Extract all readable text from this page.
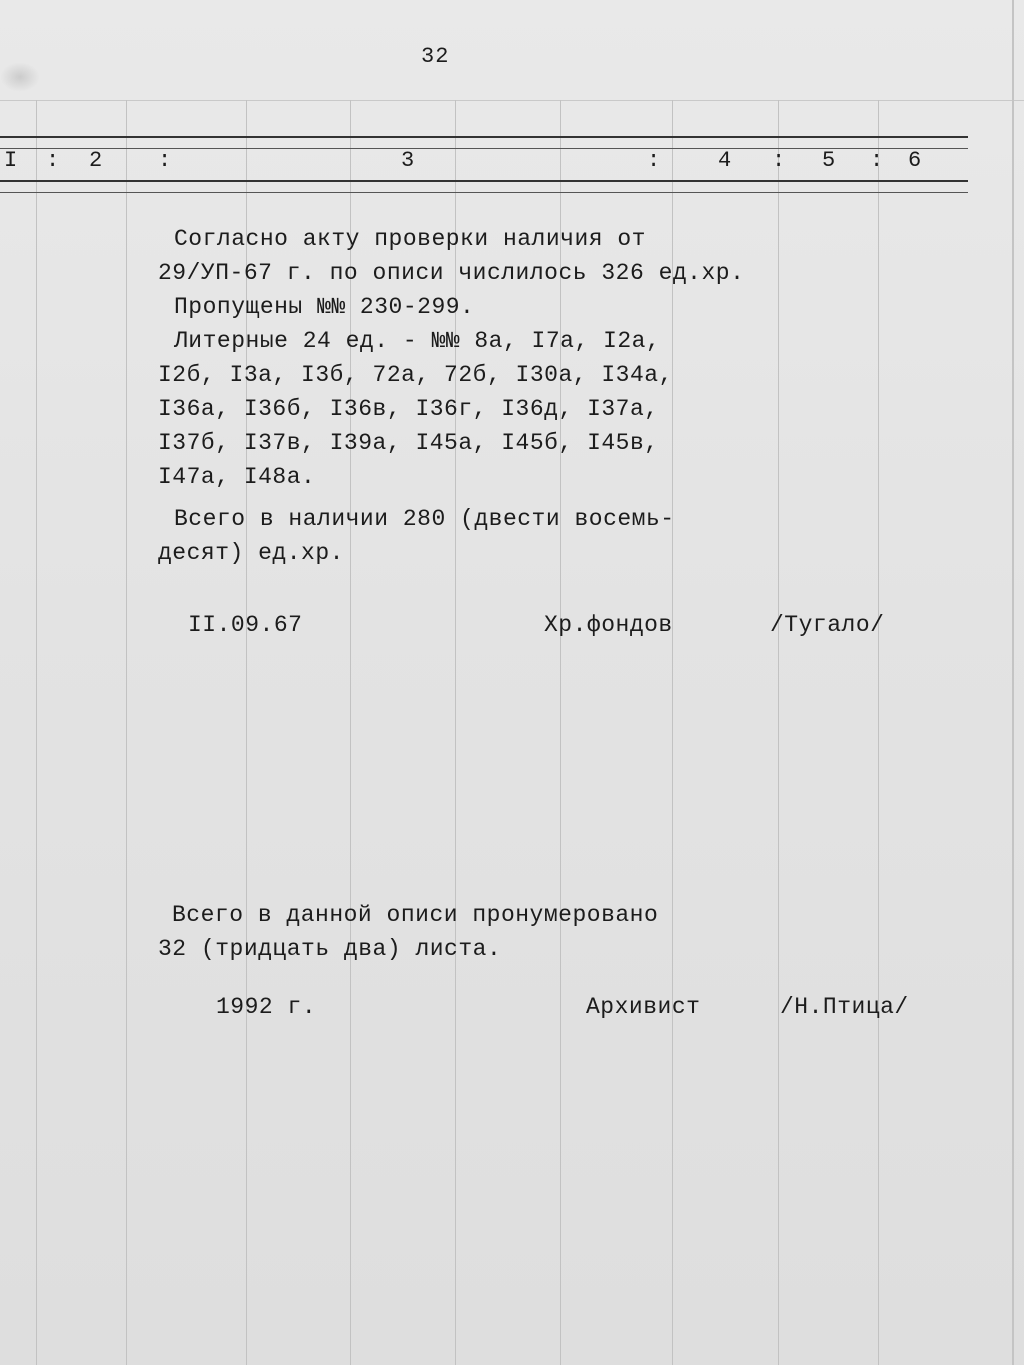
32
I : 2	:	3	:	4 : 5 : 6
Согласно акту проверки наличия от
29/УП-67 г. по описи числилось 326 ед.хр.
Пропущены №№ 230-299.
Литерные 24 ед. - №№ 8а, I7а, I2а,
I2б, I3а, I3б, 72а, 72б, I30а, I34а,
I36а, I36б, I36в, I36г, I36д, I37а,
I37б, I37в, I39а, I45а, I45б, I45в,
I47а, I48а.
Всего в наличии 280 (двести восемь-
десят) ед.хр.
II.09.67	Хр.фондов	/Тугало/
Всего в данной описи пронумеровано
32 (тридцать два) листа.
1992 г.	Архивист	/Н.Птица/
